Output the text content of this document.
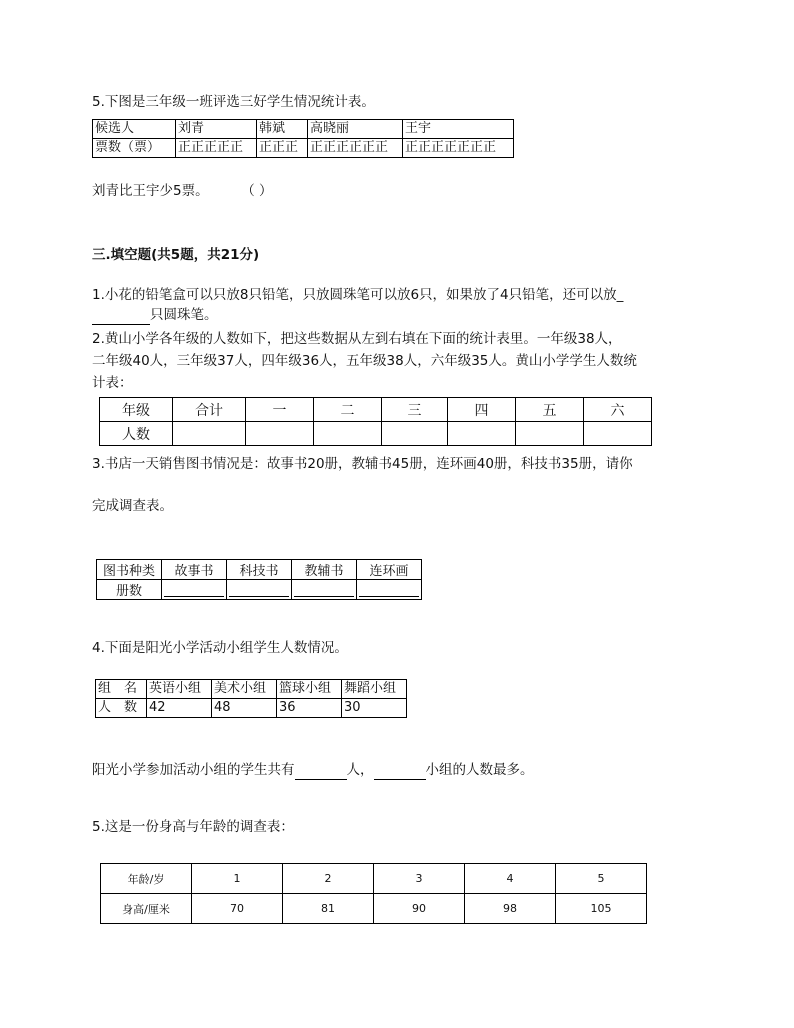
5.下图是三年级一班评选三好学生情况统计表。
候选人	刘青	韩斌	高晓丽	王宇
票数（票）	正正正正正	正正正	正正正正正正	正正正正正正正
刘青比王宇少5票。 （ ）
三.填空题(共5题，共21分)
1.小花的铅笔盒可以只放8只铅笔，只放圆珠笔可以放6只，如果放了4只铅笔，还可以放_
只圆珠笔。
2.黄山小学各年级的人数如下，把这些数据从左到右填在下面的统计表里。一年级38人，
二年级40人，三年级37人，四年级36人，五年级38人，六年级35人。黄山小学学生人数统
计表：
年级	合计	一	二	三	四	五	六
人数							
3.书店一天销售图书情况是：故事书20册，教辅书45册，连环画40册，科技书35册，请你
完成调查表。
图书种类	故事书	科技书	教辅书	连环画
册数				
4.下面是阳光小学活动小组学生人数情况。
组　名	英语小组	美术小组	篮球小组	舞蹈小组
人　数	42	48	36	30
阳光小学参加活动小组的学生共有	人，	小组的人数最多。
5.这是一份身高与年龄的调查表：
年龄/岁	1	2	3	4	5
身高/厘米	70	81	90	98	105
